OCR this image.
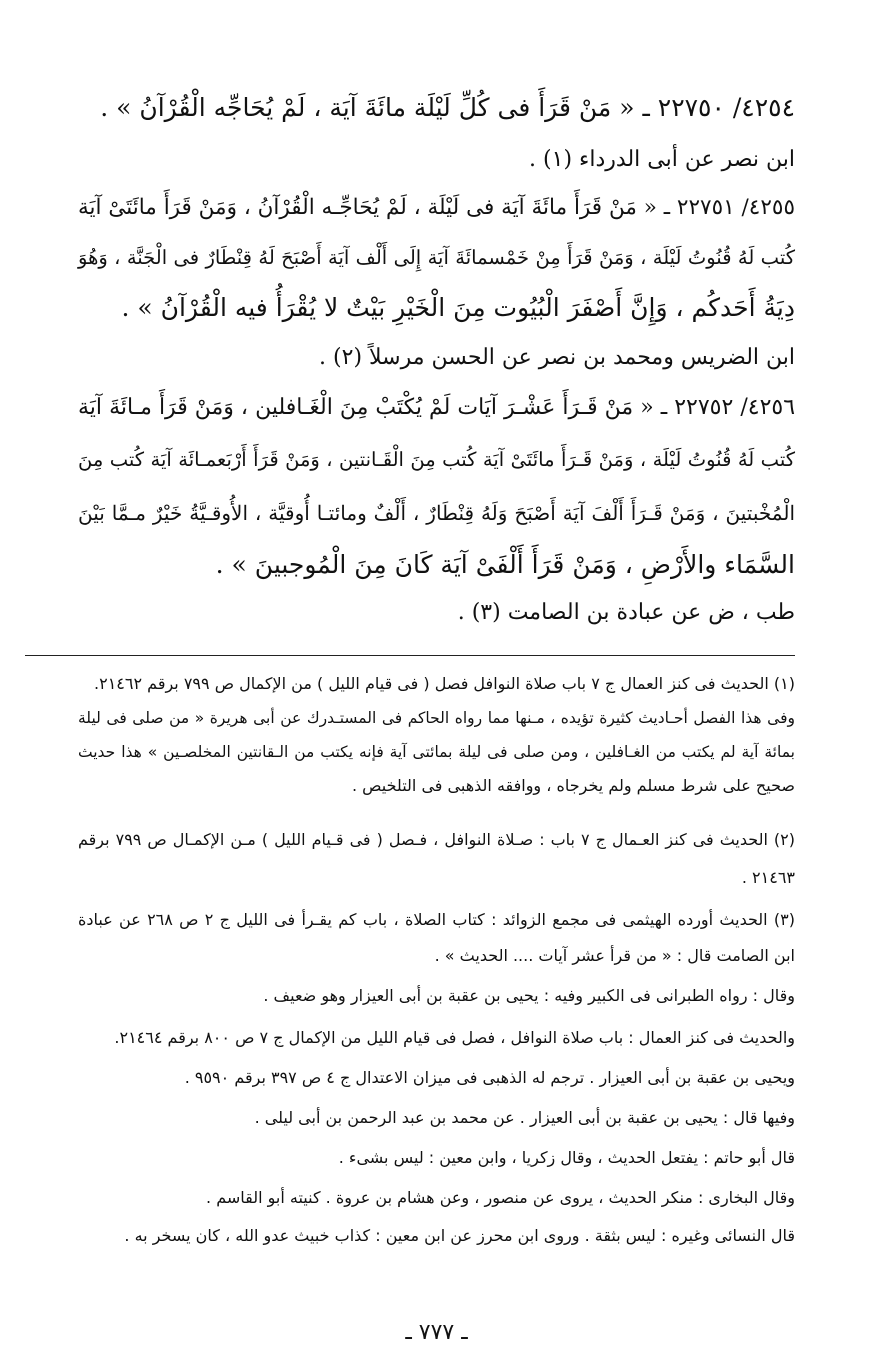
٤٢٥٤/ ٢٢٧٥٠ ـ « مَنْ قَرَأَ فى كُلِّ لَيْلَة مائَةَ آيَة ، لَمْ يُحَاجِّه الْقُرْآنُ » .
ابن نصر عن أبى الدرداء (١) .
٤٢٥٥/ ٢٢٧٥١ ـ « مَنْ قَرَأَ مائَةَ آيَة فى لَيْلَة ، لَمْ يُحَاجِّـه الْقُرْآنُ ، وَمَنْ قَرَأَ مائَتَىْ آيَة
كُتب لَهُ قُنُوتُ لَيْلَة ، وَمَنْ قَرَأَ مِنْ خَمْسمائَةَ آيَة إِلَى أَلْف آيَة أَصْبَحَ لَهُ قِنْطَارٌ فى الْجَنَّة ، وَهُوَ
دِيَةُ أَحَدكُم ، وَإِنَّ أَصْفَرَ الْبُيُوت مِنَ الْخَيْرِ بَيْتٌ لا يُقْرَأُ فيه الْقُرْآنُ » .
ابن الضريس ومحمد بن نصر عن الحسن مرسلاً (٢) .
٤٢٥٦/ ٢٢٧٥٢ ـ « مَنْ قَـرَأَ عَشْـرَ آيَات لَمْ يُكْتَبْ مِنَ الْغَـافلين ، وَمَنْ قَرَأَ مـائَةَ آيَة
كُتب لَهُ قُنُوتُ لَيْلَة ، وَمَنْ قَـرَأَ مائَتَىْ آيَة كُتب مِنَ الْقَـانتين ، وَمَنْ قَرَأَ أَرْبَعمـائَة آيَة كُتب مِنَ
الْمُخْبتينَ ، وَمَنْ قَـرَأَ أَلْفَ آيَة أَصْبَحَ وَلَهُ قِنْطَارٌ ، أَلْفٌ ومائتـا أُوقيَّة ، الأُوقـيَّةُ خَيْرٌ مـمَّا بَيْنَ
السَّمَاء والأَرْضِ ، وَمَنْ قَرَأَ أَلْفَىْ آيَة كَانَ مِنَ الْمُوجبينَ » .
طب ، ض عن عبادة بن الصامت (٣) .
(١) الحديث فى كنز العمال ج ٧ باب صلاة النوافل فصل ( فى قيام الليل ) من الإكمال ص ٧٩٩ برقم ٢١٤٦٢.
وفى هذا الفصل أحـاديث كثيرة تؤيده ، مـنها مما رواه الحاكم فى المستـدرك عن أبى هريرة « من صلى فى ليلة
بمائة آية لم يكتب من الغـافلين ، ومن صلى فى ليلة بمائتى آية فإنه يكتب من الـقانتين المخلصـين » هذا حديث
صحيح على شرط مسلم ولم يخرجاه ، ووافقه الذهبى فى التلخيص .
(٢) الحديث فى كنز العـمال ج ٧ باب : صـلاة النوافل ، فـصل ( فى قـيام الليل ) مـن الإكمـال ص ٧٩٩ برقم
٢١٤٦٣ .
(٣) الحديث أورده الهيثمى فى مجمع الزوائد : كتاب الصلاة ، باب كم يقـرأ فى الليل ج ٢ ص ٢٦٨ عن عبادة
ابن الصامت قال : « من قرأ عشر آيات .... الحديث » .
وقال : رواه الطبرانى فى الكبير وفيه : يحيى بن عقبة بن أبى العيزار وهو ضعيف .
والحديث فى كنز العمال : باب صلاة النوافل ، فصل فى قيام الليل من الإكمال ج ٧ ص ٨٠٠ برقم ٢١٤٦٤.
ويحيى بن عقبة بن أبى العيزار . ترجم له الذهبى فى ميزان الاعتدال ج ٤ ص ٣٩٧ برقم ٩٥٩٠ .
وفيها قال : يحيى بن عقبة بن أبى العيزار . عن محمد بن عبد الرحمن بن أبى ليلى .
قال أبو حاتم : يفتعل الحديث ، وقال زكريا ، وابن معين : ليس بشىء .
وقال البخارى : منكر الحديث ، يروى عن منصور ، وعن هشام بن عروة . كنيته أبو القاسم .
قال النسائى وغيره : ليس بثقة . وروى ابن محرز عن ابن معين : كذاب خبيث عدو الله ، كان يسخر به .
ـ ٧٧٧ ـ
